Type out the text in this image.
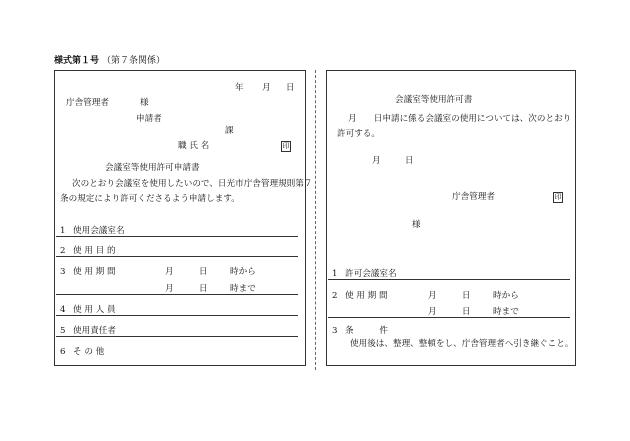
様式第１号 （第７条関係）
年 月 日
庁舎管理者	様
申請者
課
職 氏 名	印
会議室等使用許可申請書
次のとおり会議室を使用したいので、日光市庁舎管理規則第７
条の規定により許可くださるよう申請します。
1 使用会議室名
2 使 用 目 的
3 使 用 期 間	月	日	時から
月	日	時まで
4 使 用 人 員
5 使用責任者
6 そ の 他
会議室等使用許可書
月　　日申請に係る会議室の使用については、次のとおり
許可する。
月	日
庁舎管理者	印
様
1 許可会議室名
2 使 用 期 間	月	日	時から
月	日	時まで
3 条　　　件
使用後は、整理、整頓をし、庁舎管理者へ引き継ぐこと。
